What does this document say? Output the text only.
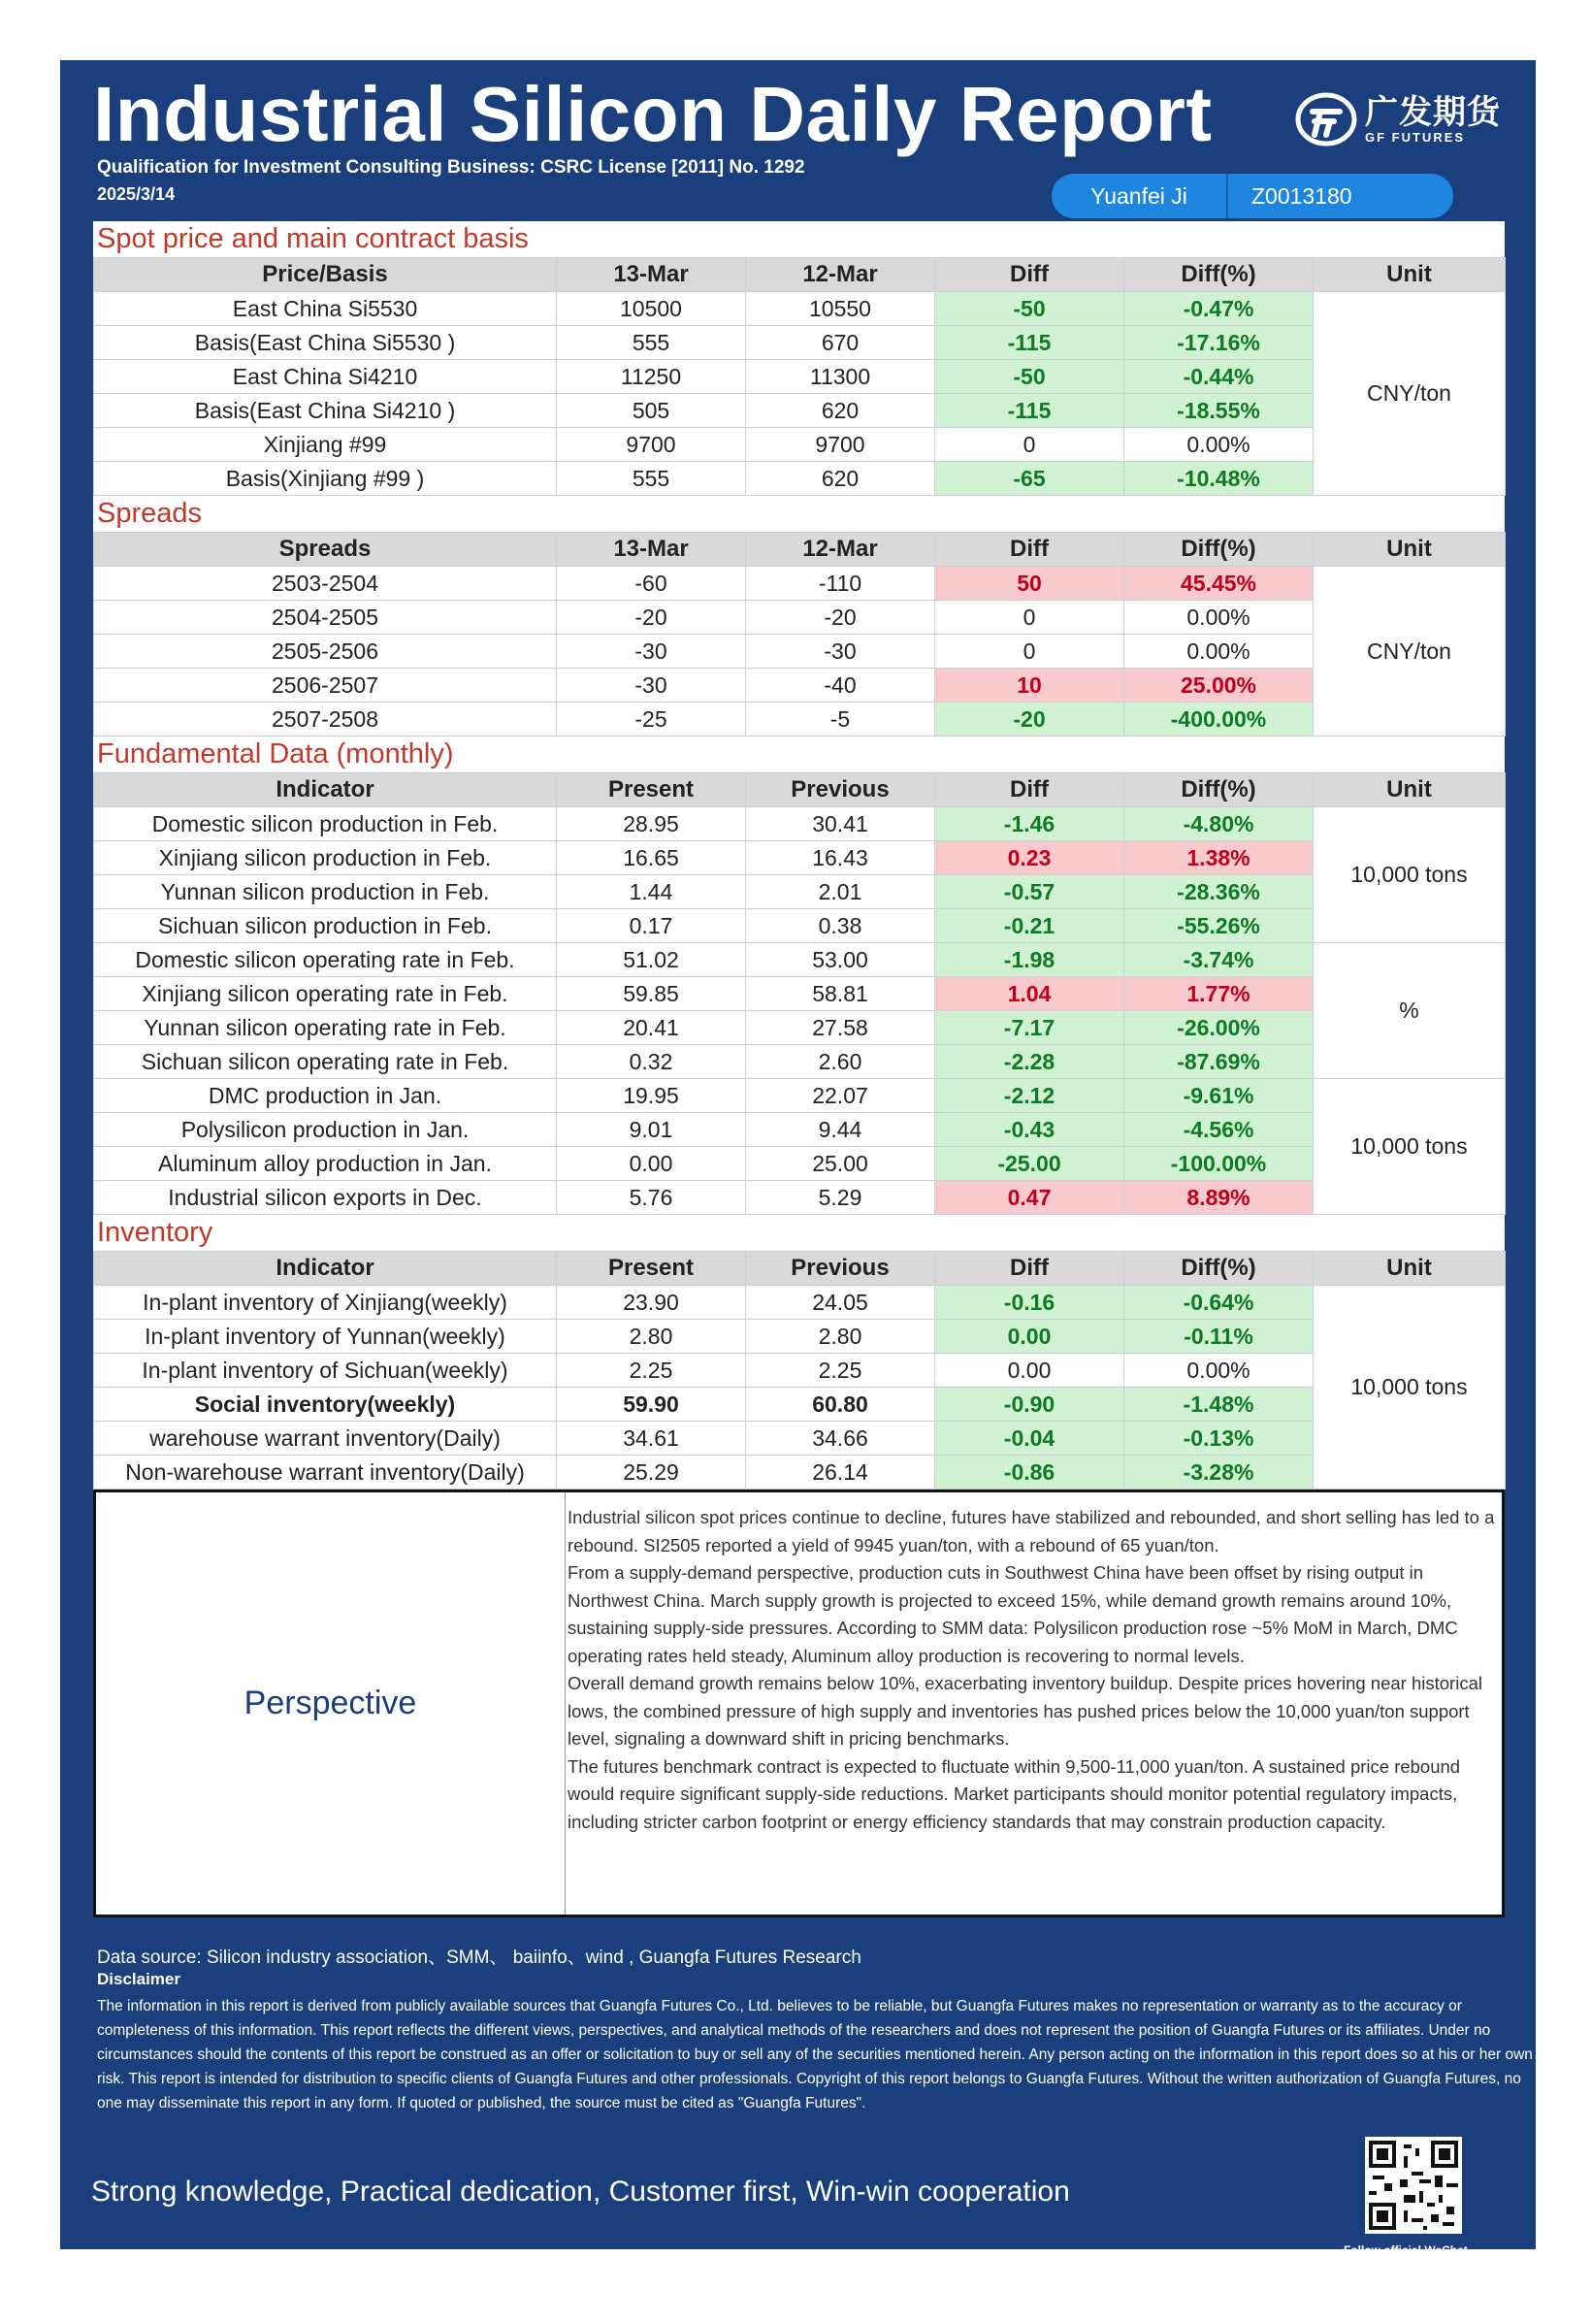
Industrial Silicon Daily Report
Qualification for Investment Consulting Business: CSRC License [2011] No. 1292
2025/3/14
广发期货
GF FUTURES
Yuanfei Ji	Z0013180
Spot price and main contract basis
Price/Basis	13-Mar	12-Mar	Diff	Diff(%)	Unit
East China Si5530	10500	10550	-50	-0.47%	CNY/ton
Basis(East China Si5530 )	555	670	-115	-17.16%	
East China Si4210	11250	11300	-50	-0.44%	
Basis(East China Si4210 )	505	620	-115	-18.55%	
Xinjiang #99	9700	9700	0	0.00%	
Basis(Xinjiang #99 )	555	620	-65	-10.48%	
Spreads
Spreads	13-Mar	12-Mar	Diff	Diff(%)	Unit
2503-2504	-60	-110	50	45.45%	CNY/ton
2504-2505	-20	-20	0	0.00%	
2505-2506	-30	-30	0	0.00%	
2506-2507	-30	-40	10	25.00%	
2507-2508	-25	-5	-20	-400.00%	
Fundamental Data (monthly)
Indicator	Present	Previous	Diff	Diff(%)	Unit
Domestic silicon production in Feb.	28.95	30.41	-1.46	-4.80%	10,000 tons
Xinjiang silicon production in Feb.	16.65	16.43	0.23	1.38%	
Yunnan silicon production in Feb.	1.44	2.01	-0.57	-28.36%	
Sichuan silicon production in Feb.	0.17	0.38	-0.21	-55.26%	
Domestic silicon operating rate in Feb.	51.02	53.00	-1.98	-3.74%	%
Xinjiang silicon operating rate in Feb.	59.85	58.81	1.04	1.77%	
Yunnan silicon operating rate in Feb.	20.41	27.58	-7.17	-26.00%	
Sichuan silicon operating rate in Feb.	0.32	2.60	-2.28	-87.69%	
DMC production in Jan.	19.95	22.07	-2.12	-9.61%	10,000 tons
Polysilicon production in Jan.	9.01	9.44	-0.43	-4.56%	
Aluminum alloy production in Jan.	0.00	25.00	-25.00	-100.00%	
Industrial silicon exports in Dec.	5.76	5.29	0.47	8.89%	
Inventory
Indicator	Present	Previous	Diff	Diff(%)	Unit
In-plant inventory of Xinjiang(weekly)	23.90	24.05	-0.16	-0.64%	10,000 tons
In-plant inventory of Yunnan(weekly)	2.80	2.80	0.00	-0.11%	
In-plant inventory of Sichuan(weekly)	2.25	2.25	0.00	0.00%	
Social inventory(weekly)	59.90	60.80	-0.90	-1.48%	
warehouse warrant inventory(Daily)	34.61	34.66	-0.04	-0.13%	
Non-warehouse warrant inventory(Daily)	25.29	26.14	-0.86	-3.28%	
Perspective

Industrial silicon spot prices continue to decline, futures have stabilized and rebounded, and short selling has led to a rebound. SI2505 reported a yield of 9945 yuan/ton, with a rebound of 65 yuan/ton.

From a supply-demand perspective, production cuts in Southwest China have been offset by rising output in Northwest China. March supply growth is projected to exceed 15%, while demand growth remains around 10%, sustaining supply-side pressures. According to SMM data: Polysilicon production rose ~5% MoM in March, DMC operating rates held steady, Aluminum alloy production is recovering to normal levels.

Overall demand growth remains below 10%, exacerbating inventory buildup. Despite prices hovering near historical lows, the combined pressure of high supply and inventories has pushed prices below the 10,000 yuan/ton support level, signaling a downward shift in pricing benchmarks.

The futures benchmark contract is expected to fluctuate within 9,500-11,000 yuan/ton. A sustained price rebound would require significant supply-side reductions. Market participants should monitor potential regulatory impacts, including stricter carbon footprint or energy efficiency standards that may constrain production capacity.

Data source: Silicon industry association、SMM、 baiinfo、wind , Guangfa Futures Research
Disclaimer
The information in this report is derived from publicly available sources that Guangfa Futures Co., Ltd. believes to be reliable, but Guangfa Futures makes no representation or warranty as to the accuracy or completeness of this information. This report reflects the different views, perspectives, and analytical methods of the researchers and does not represent the position of Guangfa Futures or its affiliates. Under no circumstances should the contents of this report be construed as an offer or solicitation to buy or sell any of the securities mentioned herein. Any person acting on the information in this report does so at his or her own risk. This report is intended for distribution to specific clients of Guangfa Futures and other professionals. Copyright of this report belongs to Guangfa Futures. Without the written authorization of Guangfa Futures, no one may disseminate this report in any form. If quoted or published, the source must be cited as "Guangfa Futures".
Strong knowledge, Practical dedication, Customer first, Win-win cooperation
Follow official WeChat
